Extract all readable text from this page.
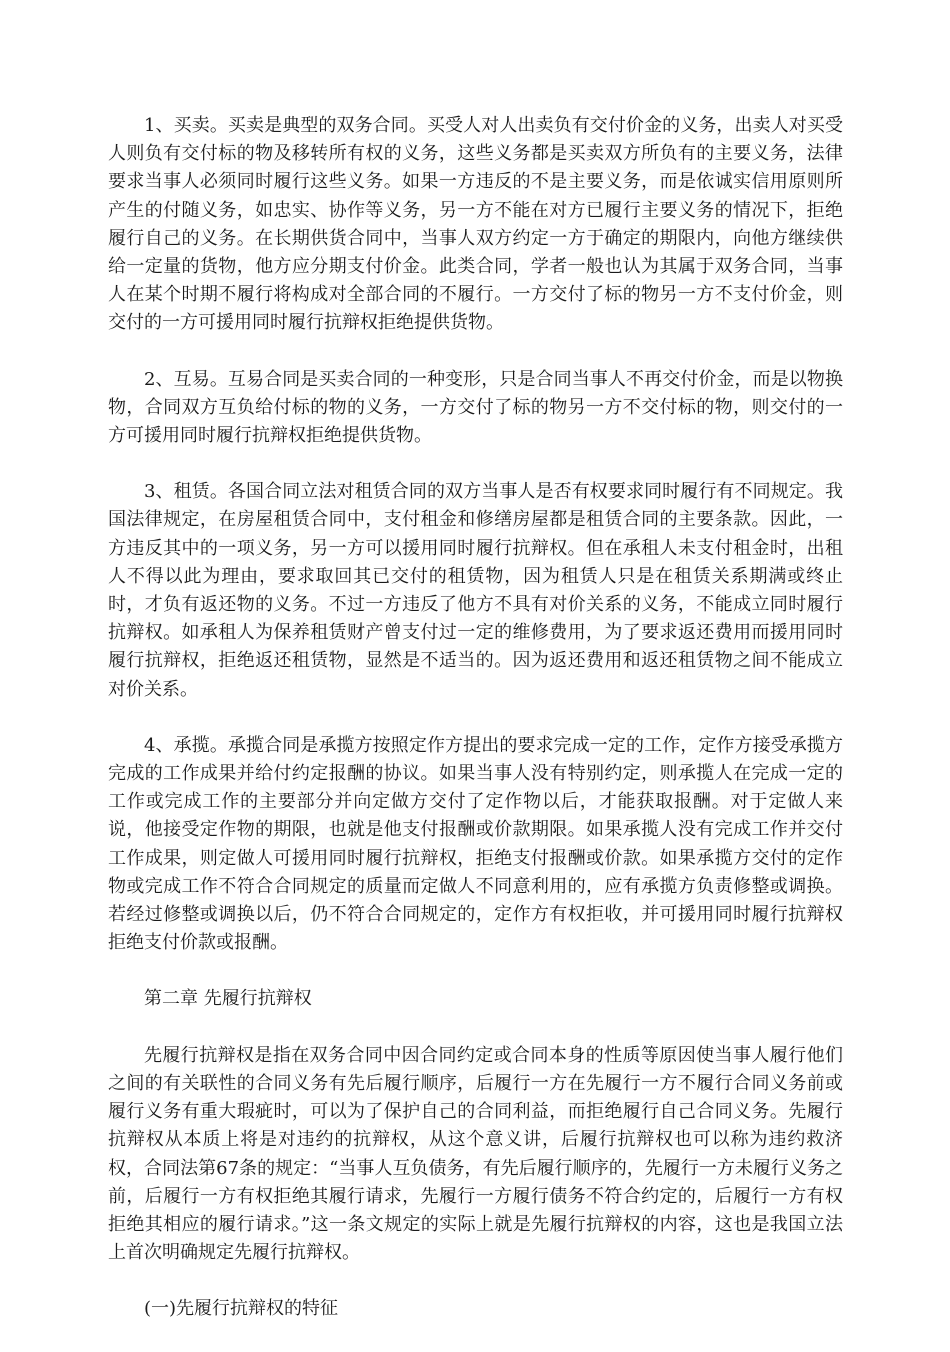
1、买卖。买卖是典型的双务合同。买受人对人出卖负有交付价金的义务，出卖人对买受人则负有交付标的物及移转所有权的义务，这些义务都是买卖双方所负有的主要义务，法律要求当事人必须同时履行这些义务。如果一方违反的不是主要义务，而是依诚实信用原则所产生的付随义务，如忠实、协作等义务，另一方不能在对方已履行主要义务的情况下，拒绝履行自己的义务。在长期供货合同中，当事人双方约定一方于确定的期限内，向他方继续供给一定量的货物，他方应分期支付价金。此类合同，学者一般也认为其属于双务合同，当事人在某个时期不履行将构成对全部合同的不履行。一方交付了标的物另一方不支付价金，则交付的一方可援用同时履行抗辩权拒绝提供货物。

2、互易。互易合同是买卖合同的一种变形，只是合同当事人不再交付价金，而是以物换物，合同双方互负给付标的物的义务，一方交付了标的物另一方不交付标的物，则交付的一方可援用同时履行抗辩权拒绝提供货物。

3、租赁。各国合同立法对租赁合同的双方当事人是否有权要求同时履行有不同规定。我国法律规定，在房屋租赁合同中，支付租金和修缮房屋都是租赁合同的主要条款。因此，一方违反其中的一项义务，另一方可以援用同时履行抗辩权。但在承租人未支付租金时，出租人不得以此为理由，要求取回其已交付的租赁物，因为租赁人只是在租赁关系期满或终止时，才负有返还物的义务。不过一方违反了他方不具有对价关系的义务，不能成立同时履行抗辩权。如承租人为保养租赁财产曾支付过一定的维修费用，为了要求返还费用而援用同时履行抗辩权，拒绝返还租赁物，显然是不适当的。因为返还费用和返还租赁物之间不能成立对价关系。

4、承揽。承揽合同是承揽方按照定作方提出的要求完成一定的工作，定作方接受承揽方完成的工作成果并给付约定报酬的协议。如果当事人没有特别约定，则承揽人在完成一定的工作或完成工作的主要部分并向定做方交付了定作物以后，才能获取报酬。对于定做人来说，他接受定作物的期限，也就是他支付报酬或价款期限。如果承揽人没有完成工作并交付工作成果，则定做人可援用同时履行抗辩权，拒绝支付报酬或价款。如果承揽方交付的定作物或完成工作不符合合同规定的质量而定做人不同意利用的，应有承揽方负责修整或调换。若经过修整或调换以后，仍不符合合同规定的，定作方有权拒收，并可援用同时履行抗辩权拒绝支付价款或报酬。

第二章 先履行抗辩权

先履行抗辩权是指在双务合同中因合同约定或合同本身的性质等原因使当事人履行他们之间的有关联性的合同义务有先后履行顺序，后履行一方在先履行一方不履行合同义务前或履行义务有重大瑕疵时，可以为了保护自己的合同利益，而拒绝履行自己合同义务。先履行抗辩权从本质上将是对违约的抗辩权，从这个意义讲，后履行抗辩权也可以称为违约救济权，合同法第67条的规定：“当事人互负债务，有先后履行顺序的，先履行一方未履行义务之前，后履行一方有权拒绝其履行请求，先履行一方履行债务不符合约定的，后履行一方有权拒绝其相应的履行请求。”这一条文规定的实际上就是先履行抗辩权的内容，这也是我国立法上首次明确规定先履行抗辩权。

(一)先履行抗辩权的特征
